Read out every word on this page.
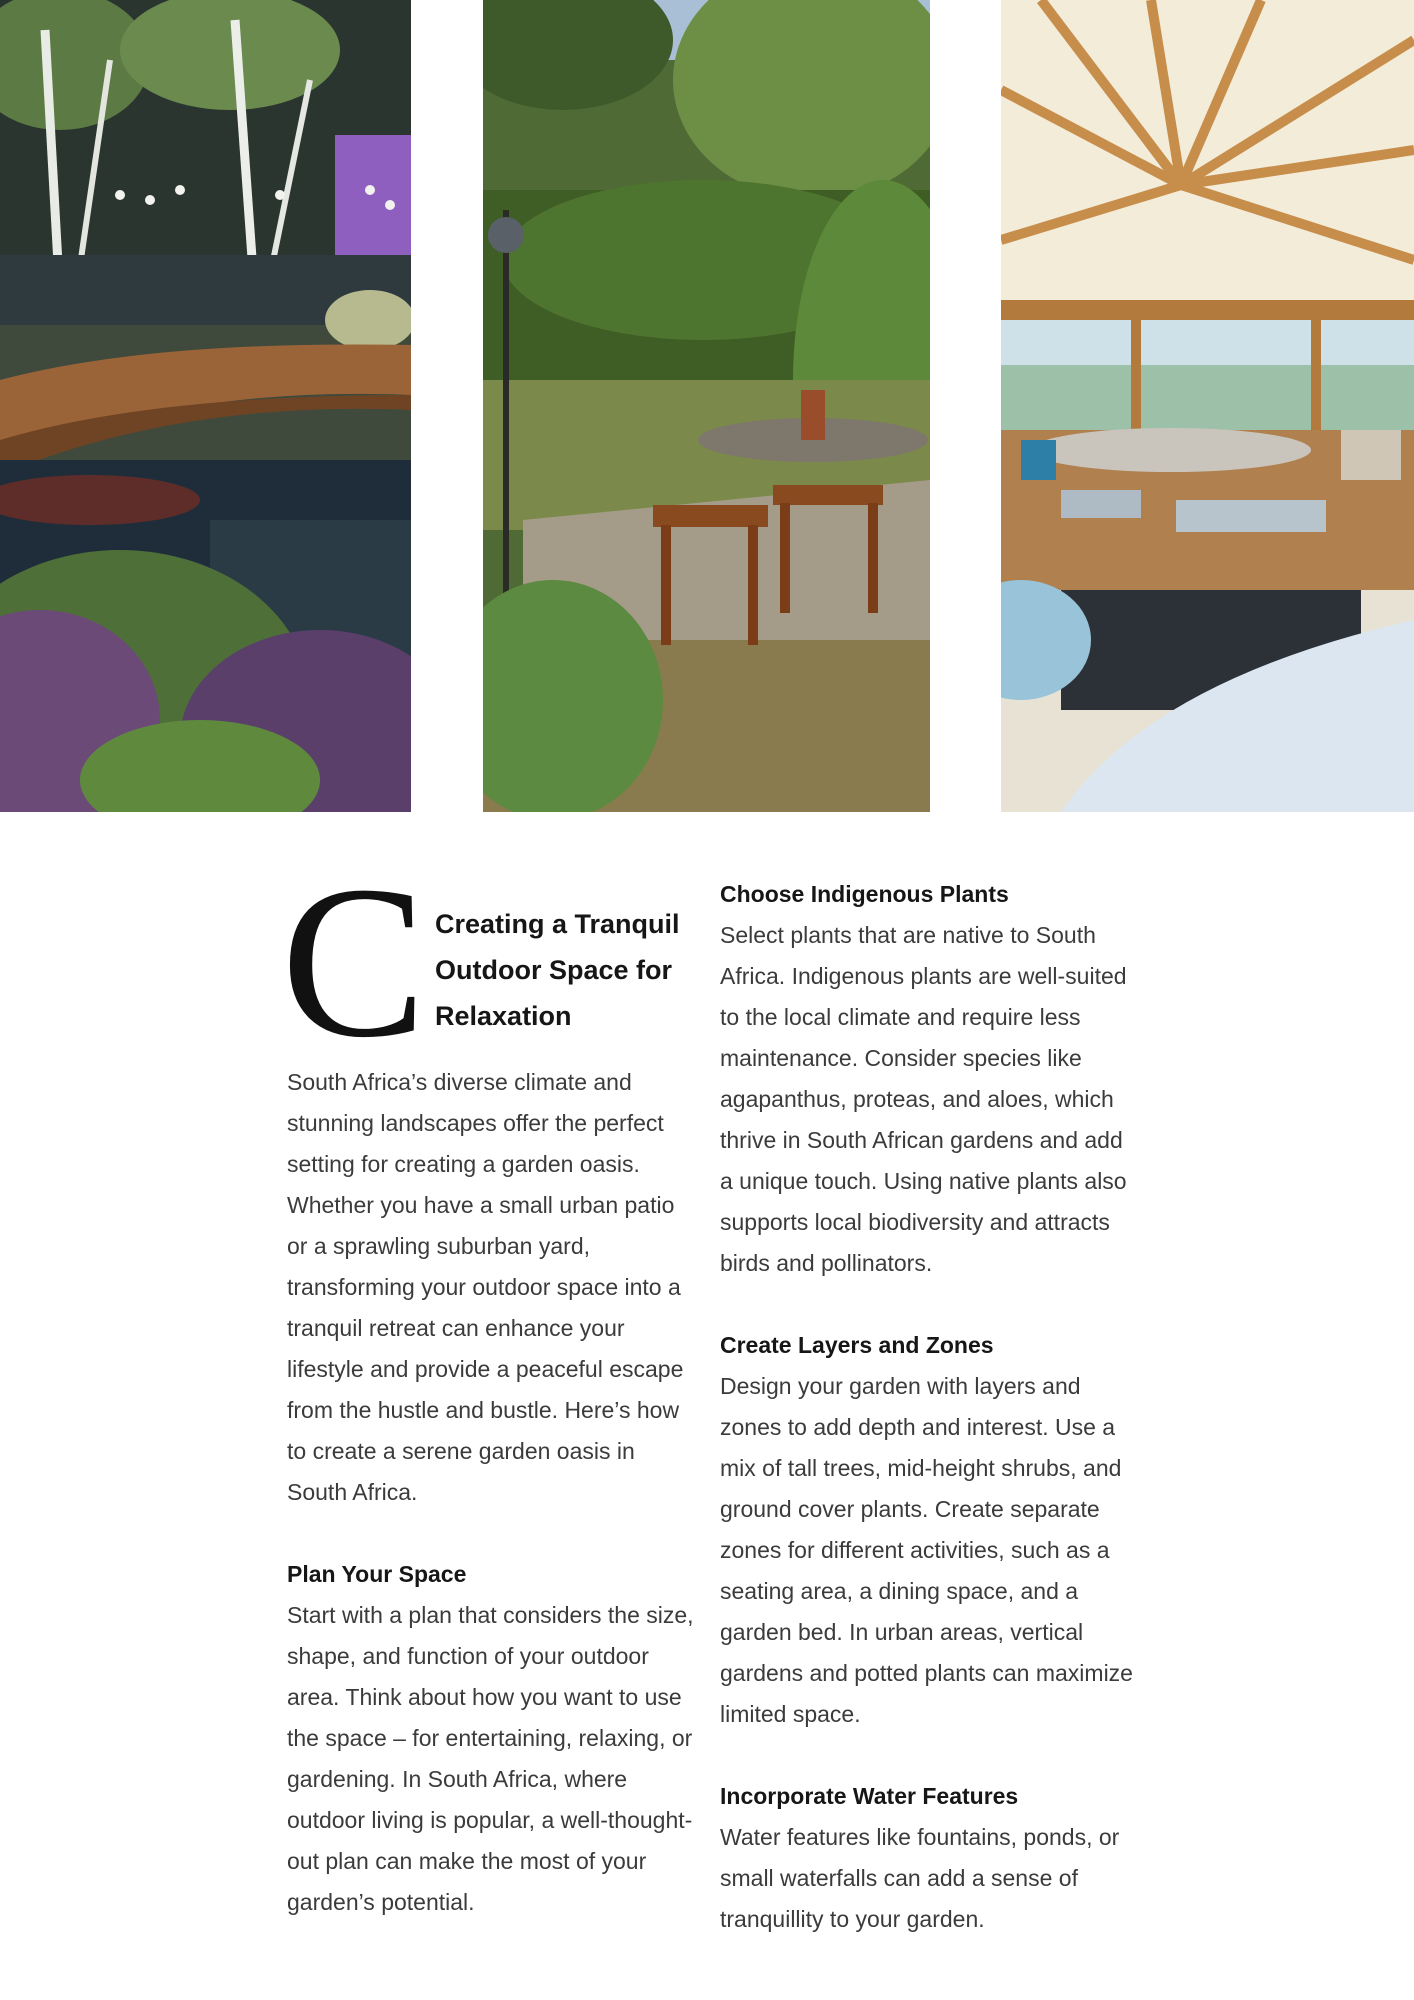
C Creating a Tranquil Outdoor Space for Relaxation

South Africa’s diverse climate and stunning landscapes offer the perfect setting for creating a garden oasis. Whether you have a small urban patio or a sprawling suburban yard, transforming your outdoor space into a tranquil retreat can enhance your lifestyle and provide a peaceful escape from the hustle and bustle. Here’s how to create a serene garden oasis in South Africa.

Plan Your Space

Start with a plan that considers the size, shape, and function of your outdoor area. Think about how you want to use the space – for entertaining, relaxing, or gardening. In South Africa, where outdoor living is popular, a well-thought-out plan can make the most of your garden’s potential.

Choose Indigenous Plants

Select plants that are native to South Africa. Indigenous plants are well-suited to the local climate and require less maintenance. Consider species like agapanthus, proteas, and aloes, which thrive in South African gardens and add a unique touch. Using native plants also supports local biodiversity and attracts birds and pollinators.

Create Layers and Zones

Design your garden with layers and zones to add depth and interest. Use a mix of tall trees, mid-height shrubs, and ground cover plants. Create separate zones for different activities, such as a seating area, a dining space, and a garden bed. In urban areas, vertical gardens and potted plants can maximize limited space.

Incorporate Water Features

Water features like fountains, ponds, or small waterfalls can add a sense of tranquillity to your garden.
